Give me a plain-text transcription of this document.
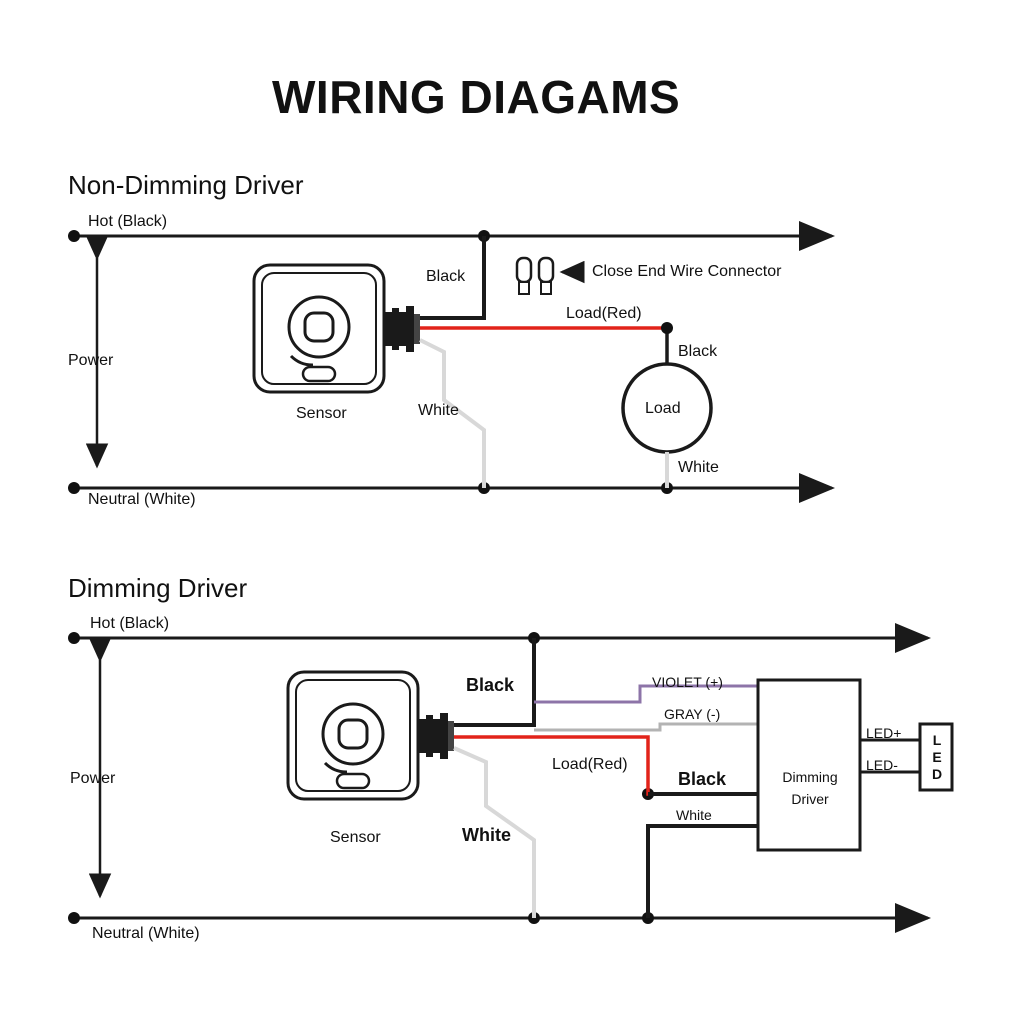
WIRING DIAGAMS
Non-Dimming Driver
Hot (Black)
Neutral (White)
Power
Sensor
Black
White
Load(Red)
Close End Wire Connector
Black
White
Load
Dimming Driver
Hot (Black)
Neutral (White)
Power
Sensor
Black
White
Load(Red)
VIOLET (+)
GRAY (-)
Dimming
Driver
Black
White
LED+
LED-
LED
